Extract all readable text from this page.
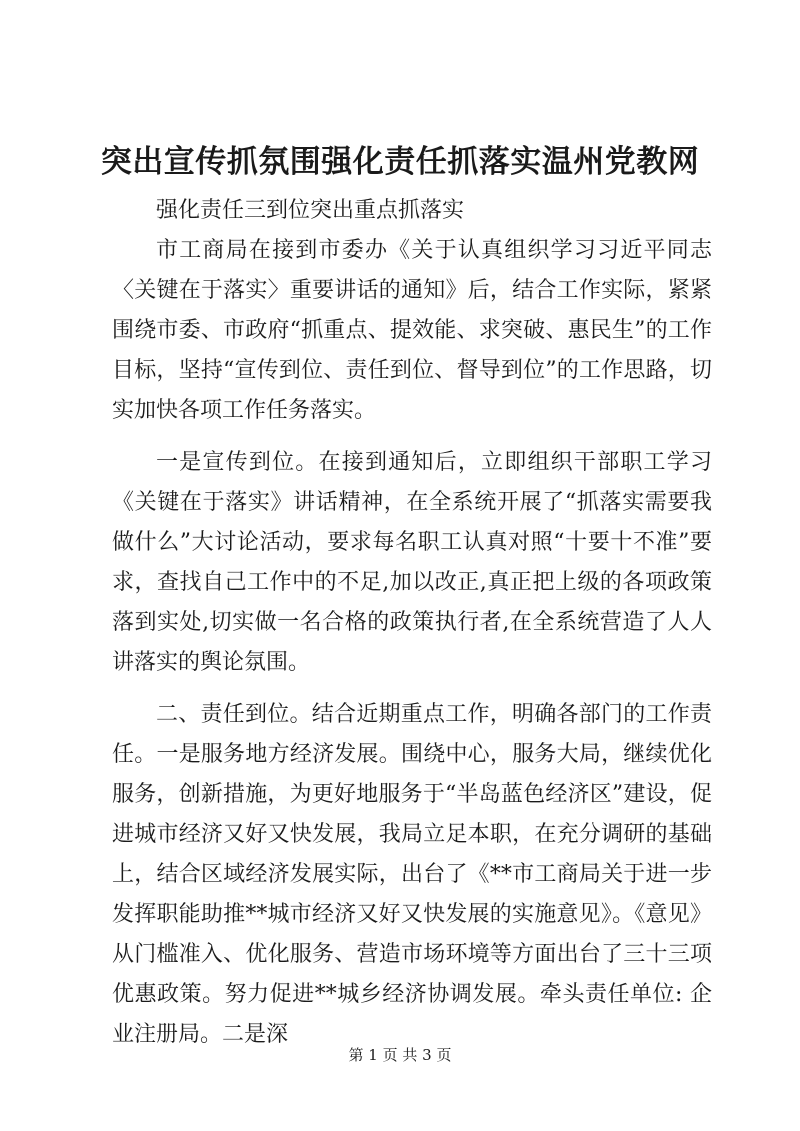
突出宣传抓氛围强化责任抓落实温州党教网

强化责任三到位突出重点抓落实

市工商局在接到市委办《关于认真组织学习习近平同志〈关键在于落实〉重要讲话的通知》后，结合工作实际，紧紧围绕市委、市政府“抓重点、提效能、求突破、惠民生”的工作目标，坚持“宣传到位、责任到位、督导到位”的工作思路，切实加快各项工作任务落实。

一是宣传到位。在接到通知后，立即组织干部职工学习《关键在于落实》讲话精神，在全系统开展了“抓落实需要我做什么”大讨论活动，要求每名职工认真对照“十要十不准”要求，查找自己工作中的不足,加以改正,真正把上级的各项政策落到实处,切实做一名合格的政策执行者,在全系统营造了人人讲落实的舆论氛围。

二、责任到位。结合近期重点工作，明确各部门的工作责任。一是服务地方经济发展。围绕中心，服务大局，继续优化服务，创新措施，为更好地服务于“半岛蓝色经济区”建设，促进城市经济又好又快发展，我局立足本职，在充分调研的基础上，结合区域经济发展实际，出台了《**市工商局关于进一步发挥职能助推**城市经济又好又快发展的实施意见》。《意见》从门槛准入、优化服务、营造市场环境等方面出台了三十三项优惠政策。努力促进**城乡经济协调发展。牵头责任单位: 企业注册局。二是深

第 1 页 共 3 页
